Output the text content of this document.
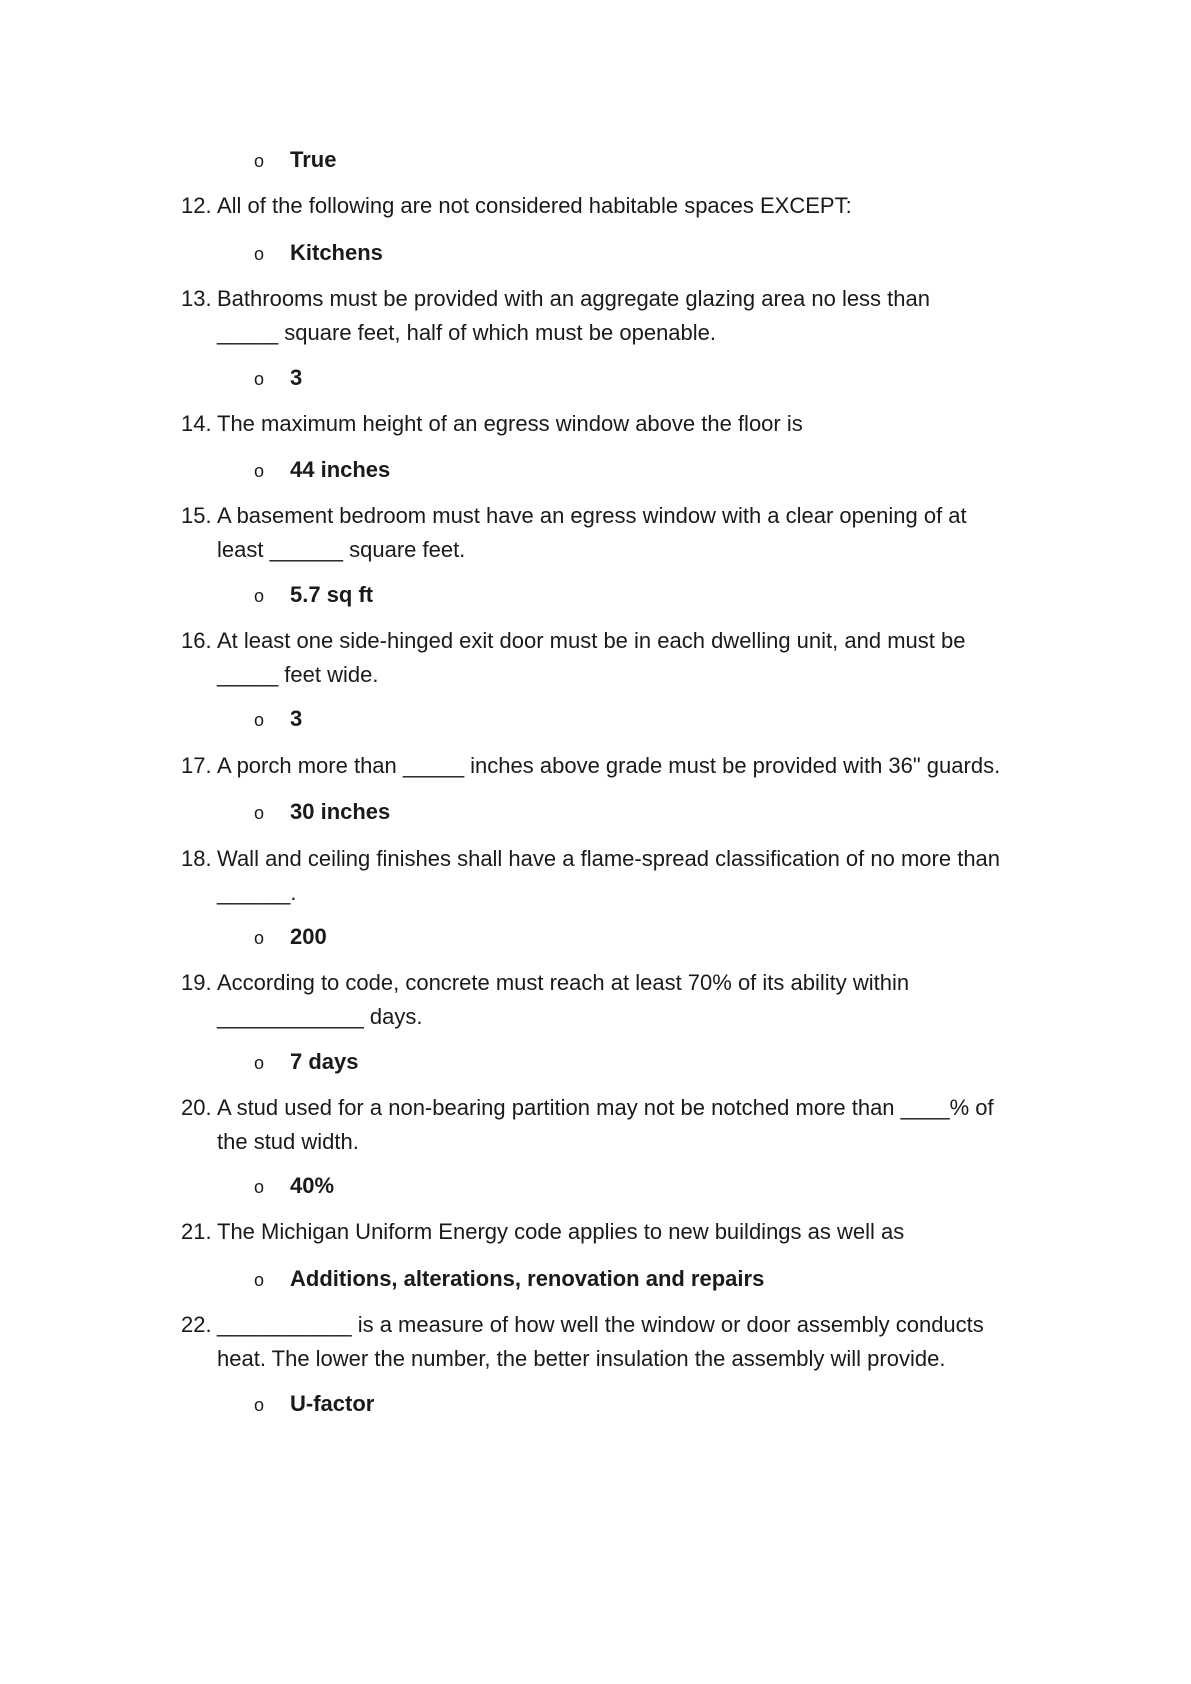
o True
12. All of the following are not considered habitable spaces EXCEPT:
o Kitchens
13. Bathrooms must be provided with an aggregate glazing area no less than _____ square feet, half of which must be openable.
o 3
14. The maximum height of an egress window above the floor is
o 44 inches
15. A basement bedroom must have an egress window with a clear opening of at least ______ square feet.
o 5.7 sq ft
16. At least one side-hinged exit door must be in each dwelling unit, and must be _____ feet wide.
o 3
17. A porch more than _____ inches above grade must be provided with 36" guards.
o 30 inches
18. Wall and ceiling finishes shall have a flame-spread classification of no more than ______.
o 200
19. According to code, concrete must reach at least 70% of its ability within ____________ days.
o 7 days
20. A stud used for a non-bearing partition may not be notched more than ____% of the stud width.
o 40%
21. The Michigan Uniform Energy code applies to new buildings as well as
o Additions, alterations, renovation and repairs
22. ___________ is a measure of how well the window or door assembly conducts heat. The lower the number, the better insulation the assembly will provide.
o U-factor
